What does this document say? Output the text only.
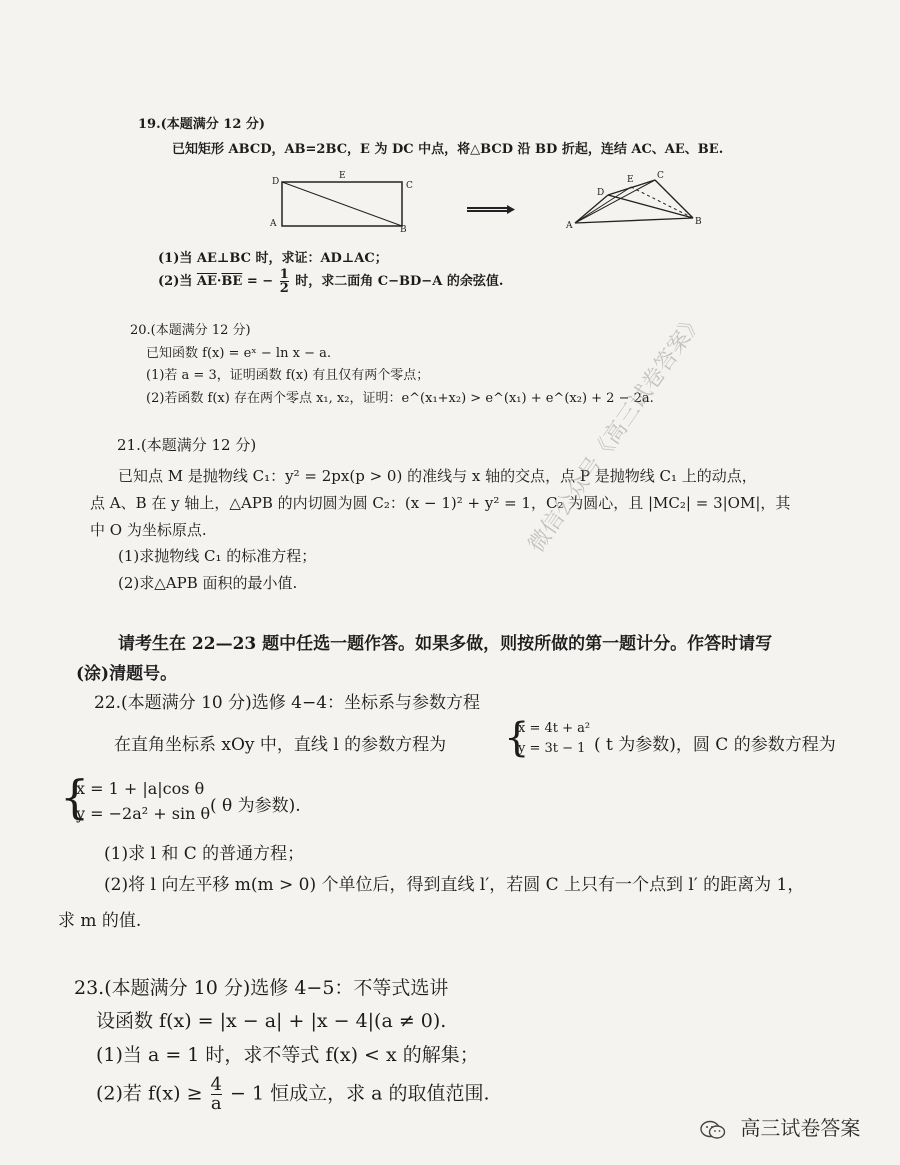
19.(本题满分 12 分)
已知矩形 ABCD，AB=2BC，E 为 DC 中点，将△BCD 沿 BD 折起，连结 AC、AE、BE.
D
E
C
A
B
D
E	C
A	B
(1)当 AE⊥BC 时，求证：AD⊥AC；
(2)当 $\overline{AE}\cdot\overline{BE}$ = − $\frac{1}{2}$ 时，求二面角 C−BD−A 的余弦值.
20.(本题满分 12 分)
已知函数 f(x) = eˣ − ln x − a.
(1)若 a = 3，证明函数 f(x) 有且仅有两个零点；
(2)若函数 f(x) 存在两个零点 x₁, x₂，证明：e^(x₁+x₂) > e^(x₁) + e^(x₂) + 2 − 2a.
21.(本题满分 12 分)
已知点 M 是抛物线 C₁：y² = 2px(p > 0) 的准线与 x 轴的交点，点 P 是抛物线 C₁ 上的动点，
点 A、B 在 y 轴上，△APB 的内切圆为圆 C₂：(x − 1)² + y² = 1，C₂ 为圆心，且 |MC₂| = 3|OM|，其
中 O 为坐标原点.
(1)求抛物线 C₁ 的标准方程；
(2)求△APB 面积的最小值.
请考生在 22—23 题中任选一题作答。如果多做，则按所做的第一题计分。作答时请写
(涂)清题号。
22.(本题满分 10 分)选修 4−4：坐标系与参数方程
在直角坐标系 xOy 中，直线 l 的参数方程为 {
x = 4t + a²
y = 3t − 1 ( t 为参数)，圆 C 的参数方程为
{
x = 1 + |a|cos θ
y = −2a² + sin θ ( θ 为参数).
(1)求 l 和 C 的普通方程；
(2)将 l 向左平移 m(m > 0) 个单位后，得到直线 l′，若圆 C 上只有一个点到 l′ 的距离为 1，
求 m 的值.
23.(本题满分 10 分)选修 4−5：不等式选讲
设函数 f(x) = |x − a| + |x − 4|(a ≠ 0).
(1)当 a = 1 时，求不等式 f(x) < x 的解集；
(2)若 $f(x) \ge \frac{4}{a} - 1$ 恒成立，求 a 的取值范围.
微信公众号《高三试卷答案》
高三试卷答案
